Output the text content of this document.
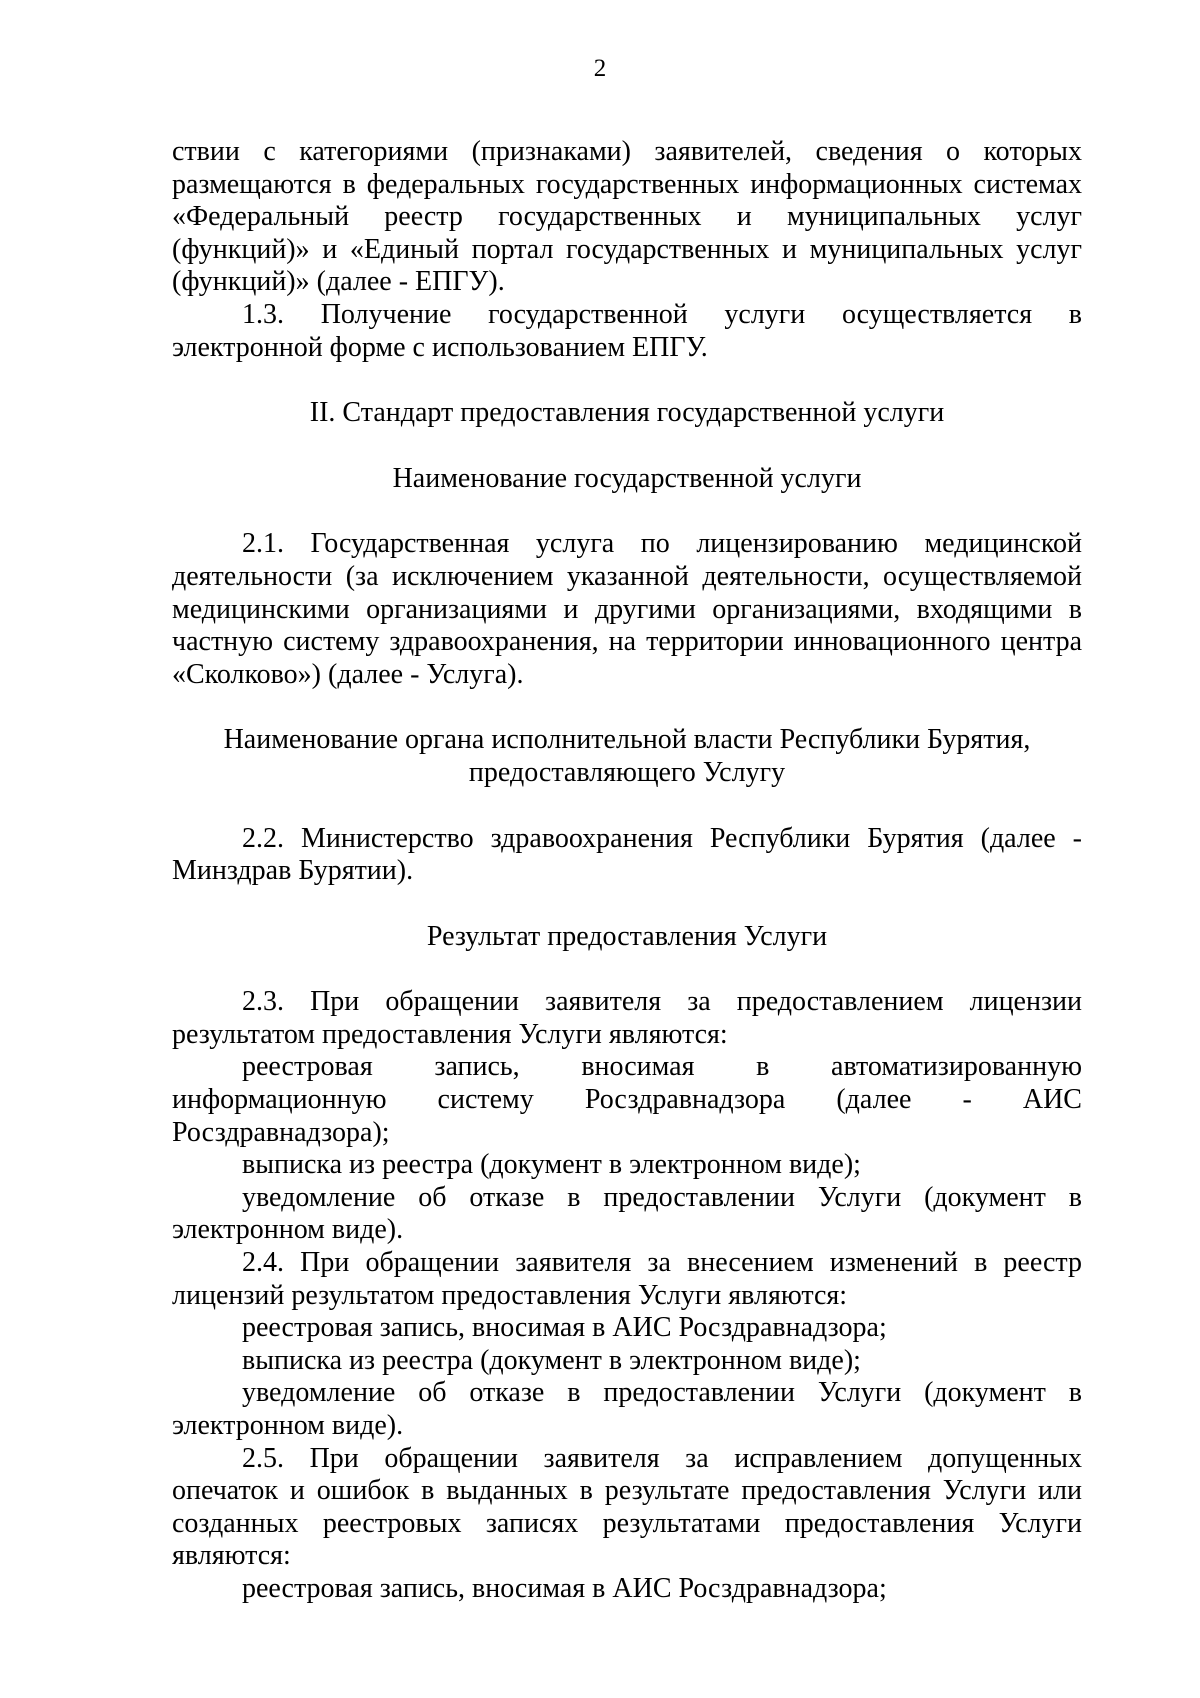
2

ствии с категориями (признаками) заявителей, сведения о которых размещаются в федеральных государственных информационных системах «Федеральный реестр государственных и муниципальных услуг (функций)» и «Единый портал государственных и муниципальных услуг (функций)» (далее - ЕПГУ).

1.3. Получение государственной услуги осуществляется в электронной форме с использованием ЕПГУ.

II. Стандарт предоставления государственной услуги

Наименование государственной услуги

2.1. Государственная услуга по лицензированию медицинской деятельности (за исключением указанной деятельности, осуществляемой медицинскими организациями и другими организациями, входящими в частную систему здравоохранения, на территории инновационного центра «Сколково») (далее - Услуга).

Наименование органа исполнительной власти Республики Бурятия,

предоставляющего Услугу

2.2. Министерство здравоохранения Республики Бурятия (далее - Минздрав Бурятии).

Результат предоставления Услуги

2.3. При обращении заявителя за предоставлением лицензии результатом предоставления Услуги являются:

реестровая запись, вносимая в автоматизированную информационную систему Росздравнадзора (далее - АИС Росздравнадзора);

выписка из реестра (документ в электронном виде);

уведомление об отказе в предоставлении Услуги (документ в электронном виде).

2.4. При обращении заявителя за внесением изменений в реестр лицензий результатом предоставления Услуги являются:

реестровая запись, вносимая в АИС Росздравнадзора;

выписка из реестра (документ в электронном виде);

уведомление об отказе в предоставлении Услуги (документ в электронном виде).

2.5. При обращении заявителя за исправлением допущенных опечаток и ошибок в выданных в результате предоставления Услуги или созданных реестровых записях результатами предоставления Услуги являются:

реестровая запись, вносимая в АИС Росздравнадзора;
